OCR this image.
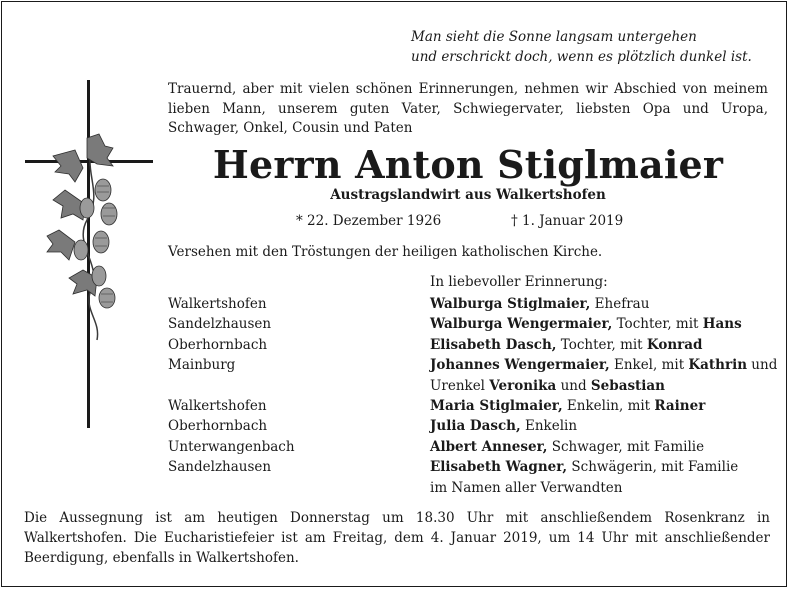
Man sieht die Sonne langsam untergehen
und erschrickt doch, wenn es plötzlich dunkel ist.
Trauernd, aber mit vielen schönen Erinnerungen, nehmen wir Abschied von meinem lieben Mann, unserem guten Vater, Schwiegervater, liebsten Opa und Uropa, Schwager, Onkel, Cousin und Paten
Herrn Anton Stiglmaier
Austragslandwirt aus Walkertshofen
* 22. Dezember 1926	† 1. Januar 2019
Versehen mit den Tröstungen der heiligen katholischen Kirche.
In liebevoller Erinnerung:
Walkertshofen
Sandelzhausen
Oberhornbach
Mainburg
Walkertshofen
Oberhornbach
Unterwangenbach
Sandelzhausen
Walburga Stiglmaier, Ehefrau
Walburga Wengermaier, Tochter, mit Hans
Elisabeth Dasch, Tochter, mit Konrad
Johannes Wengermaier, Enkel, mit Kathrin und
Urenkel Veronika und Sebastian
Maria Stiglmaier, Enkelin, mit Rainer
Julia Dasch, Enkelin
Albert Anneser, Schwager, mit Familie
Elisabeth Wagner, Schwägerin, mit Familie
im Namen aller Verwandten
Die Aussegnung ist am heutigen Donnerstag um 18.30 Uhr mit anschließendem Rosenkranz in Walkertshofen. Die Eucharistiefeier ist am Freitag, dem 4. Januar 2019, um 14 Uhr mit anschließender Beerdigung, ebenfalls in Walkertshofen.
